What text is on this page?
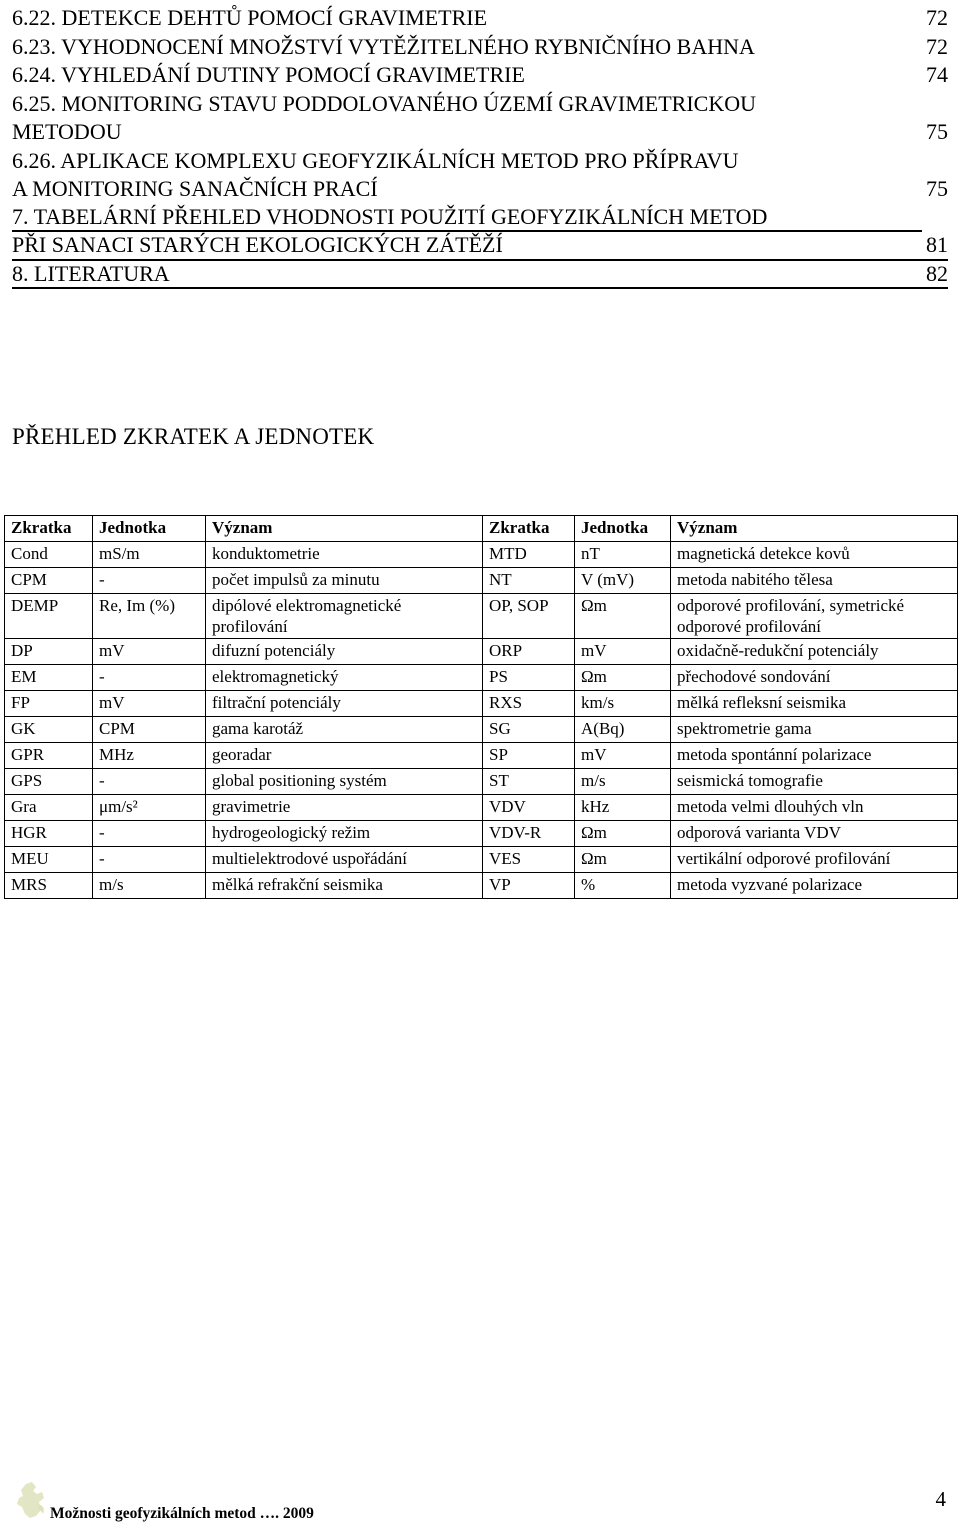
6.22. DETEKCE DEHTŮ POMOCÍ GRAVIMETRIE	72
6.23. VYHODNOCENÍ MNOŽSTVÍ VYTĚŽITELNÉHO RYBNIČNÍHO BAHNA	72
6.24. VYHLEDÁNÍ DUTINY POMOCÍ GRAVIMETRIE	74
6.25. MONITORING STAVU PODDOLOVANÉHO ÚZEMÍ GRAVIMETRICKOU
METODOU	75
6.26. APLIKACE KOMPLEXU GEOFYZIKÁLNÍCH METOD PRO PŘÍPRAVU
A MONITORING SANAČNÍCH PRACÍ	75
7. TABELÁRNÍ PŘEHLED VHODNOSTI POUŽITÍ GEOFYZIKÁLNÍCH METOD
PŘI SANACI STARÝCH EKOLOGICKÝCH ZÁTĚŽÍ	81
8. LITERATURA	82
PŘEHLED ZKRATEK A JEDNOTEK
Zkratka	Jednotka	Význam	Zkratka	Jednotka	Význam
Cond	mS/m	konduktometrie	MTD	nT	magnetická detekce kovů
CPM	-	počet impulsů za minutu	NT	V (mV)	metoda nabitého tělesa
DEMP	Re, Im (%)	dipólové elektromagnetické profilování	OP, SOP	Ωm	odporové profilování, symetrické odporové profilování
DP	mV	difuzní potenciály	ORP	mV	oxidačně-redukční potenciály
EM	-	elektromagnetický	PS	Ωm	přechodové sondování
FP	mV	filtrační potenciály	RXS	km/s	mělká refleksní seismika
GK	CPM	gama karotáž	SG	A(Bq)	spektrometrie gama
GPR	MHz	georadar	SP	mV	metoda spontánní polarizace
GPS	-	global positioning systém	ST	m/s	seismická tomografie
Gra	μm/s²	gravimetrie	VDV	kHz	metoda velmi dlouhých vln
HGR	-	hydrogeologický režim	VDV-R	Ωm	odporová varianta VDV
MEU	-	multielektrodové uspořádání	VES	Ωm	vertikální odporové profilování
MRS	m/s	mělká refrakční seismika	VP	%	metoda vyzvané polarizace
Možnosti geofyzikálních metod …. 2009
4
